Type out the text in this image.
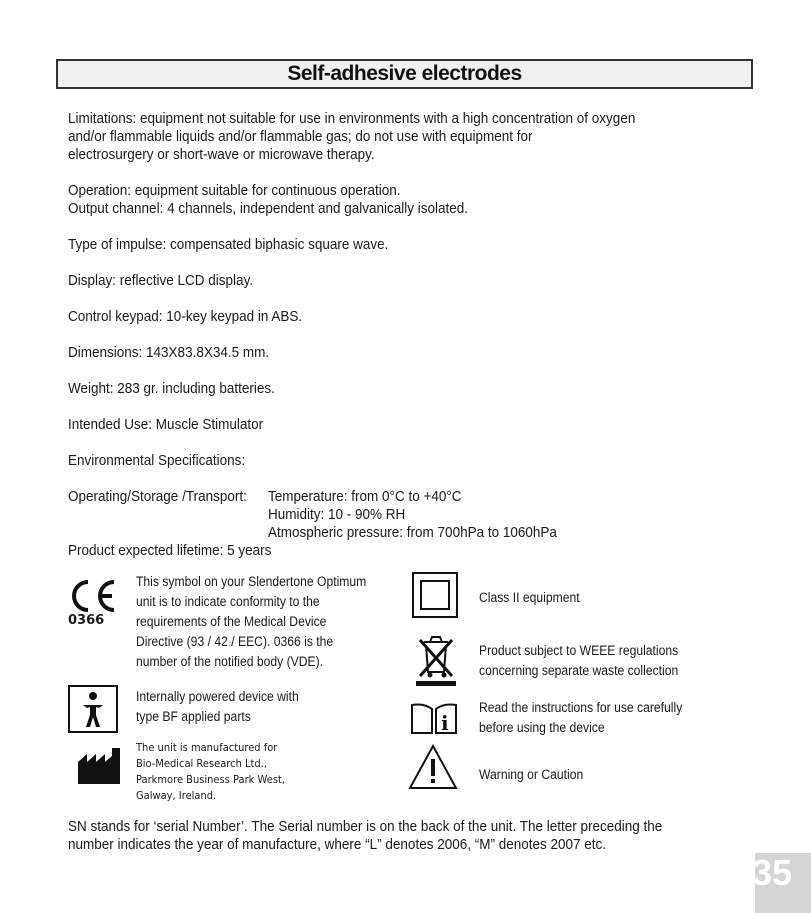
Self-adhesive electrodes
Limitations: equipment not suitable for use in environments with a high concentration of oxygen
and/or flammable liquids and/or flammable gas; do not use with equipment for
electrosurgery or short-wave or microwave therapy.
Operation: equipment suitable for continuous operation.
Output channel: 4 channels, independent and galvanically isolated.
Type of impulse: compensated biphasic square wave.
Display: reflective LCD display.
Control keypad: 10-key keypad in ABS.
Dimensions: 143X83.8X34.5 mm.
Weight: 283 gr. including batteries.
Intended Use: Muscle Stimulator
Environmental Specifications:
Operating/Storage /Transport: Temperature: from 0°C to +40°C
Humidity: 10 - 90% RH
Atmospheric pressure: from 700hPa to 1060hPa
Product expected lifetime: 5 years
0366
This symbol on your Slendertone Optimum
unit is to indicate conformity to the
requirements of the Medical Device
Directive (93 / 42 / EEC). 0366 is the
number of the notified body (VDE).
Internally powered device with
type BF applied parts
The unit is manufactured for
Bio-Medical Research Ltd.,
Parkmore Business Park West,
Galway, Ireland.
Class II equipment
Product subject to WEEE regulations
concerning separate waste collection
i
Read the instructions for use carefully
before using the device
Warning or Caution
SN stands for ‘serial Number’. The Serial number is on the back of the unit. The letter preceding the
number indicates the year of manufacture, where “L” denotes 2006, “M” denotes 2007 etc.
35
